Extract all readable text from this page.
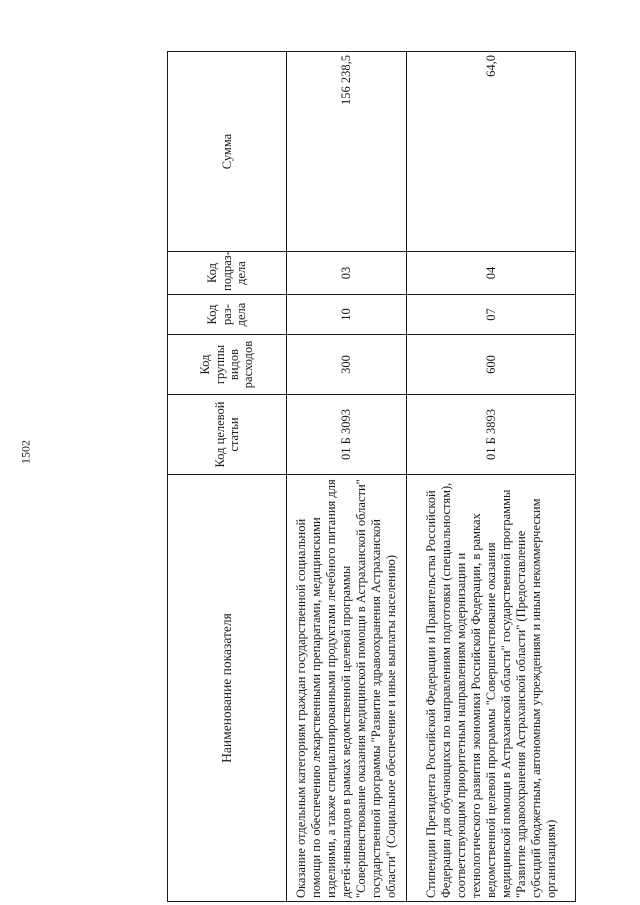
1502
Наименование показателя	Код целевой статьи	Код группы видов расходов	Код раз-дела	Код подраз-дела	Сумма
Оказание отдельным категориям граждан государственной социальной помощи по обеспечению лекарственными препаратами, медицинскими изделиями, а также специализированными продуктами лечебного питания для детей-инвалидов в рамках ведомственной целевой программы "Совершенствование оказания медицинской помощи в Астраханской области" государственной программы "Развитие здравоохранения Астраханской области" (Социальное обеспечение и иные выплаты населению)	01 Б 3093	300	10	03	156 238,5
Стипендии Президента Российской Федерации и Правительства Российской Федерации для обучающихся по направлениям подготовки (специальностям), соответствующим приоритетным направлениям модернизации и технологического развития экономики Российской Федерации, в рамках ведомственной целевой программы "Совершенствование оказания медицинской помощи в Астраханской области" государственной программы "Развитие здравоохранения Астраханской области" (Предоставление субсидий бюджетным, автономным учреждениям и иным некоммерческим организациям)	01 Б 3893	600	07	04	64,0
